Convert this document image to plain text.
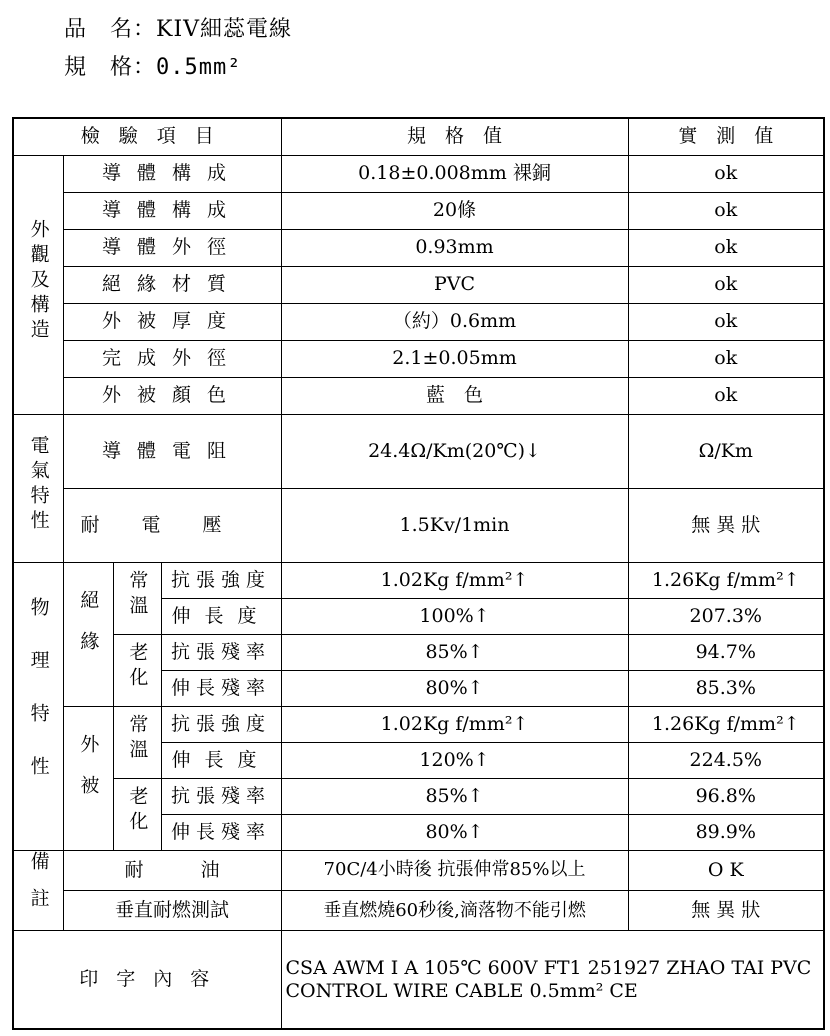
品　名：KIV細蕊電線
規　格：0.5mm²
檢　驗　項　目				規　格　值	實　測　值
外觀及構造	導體構成			0.18±0.008mm 裸銅	ok
	導體構成			20條	ok
	導體外徑			0.93mm	ok
	絕緣材質			PVC	ok
	外被厚度			（約）0.6mm	ok
	完成外徑			2.1±0.05mm	ok
	外被顏色			藍　色	ok
電氣特性	導體電阻			24.4Ω/Km(20℃)↓	Ω/Km
	耐電壓			1.5Kv/1min	無 異 狀
物理特性	絕緣	常溫	抗張強度	1.02Kg f/mm²↑	1.26Kg f/mm²↑
			伸長度	100%↑	207.3%
		老化	抗張殘率	85%↑	94.7%
			伸長殘率	80%↑	85.3%
	外被	常溫	抗張強度	1.02Kg f/mm²↑	1.26Kg f/mm²↑
			伸長度	120%↑	224.5%
		老化	抗張殘率	85%↑	96.8%
			伸長殘率	80%↑	89.9%
備註	耐　　　油			70C/4小時後 抗張伸常85%以上	O K
	垂直耐燃測試			垂直燃燒60秒後,滴落物不能引燃	無 異 狀
印 字 內 容				CSA AWM I A 105℃ 600V FT1 251927 ZHAO TAI PVC
CONTROL WIRE CABLE 0.5mm² CE	
